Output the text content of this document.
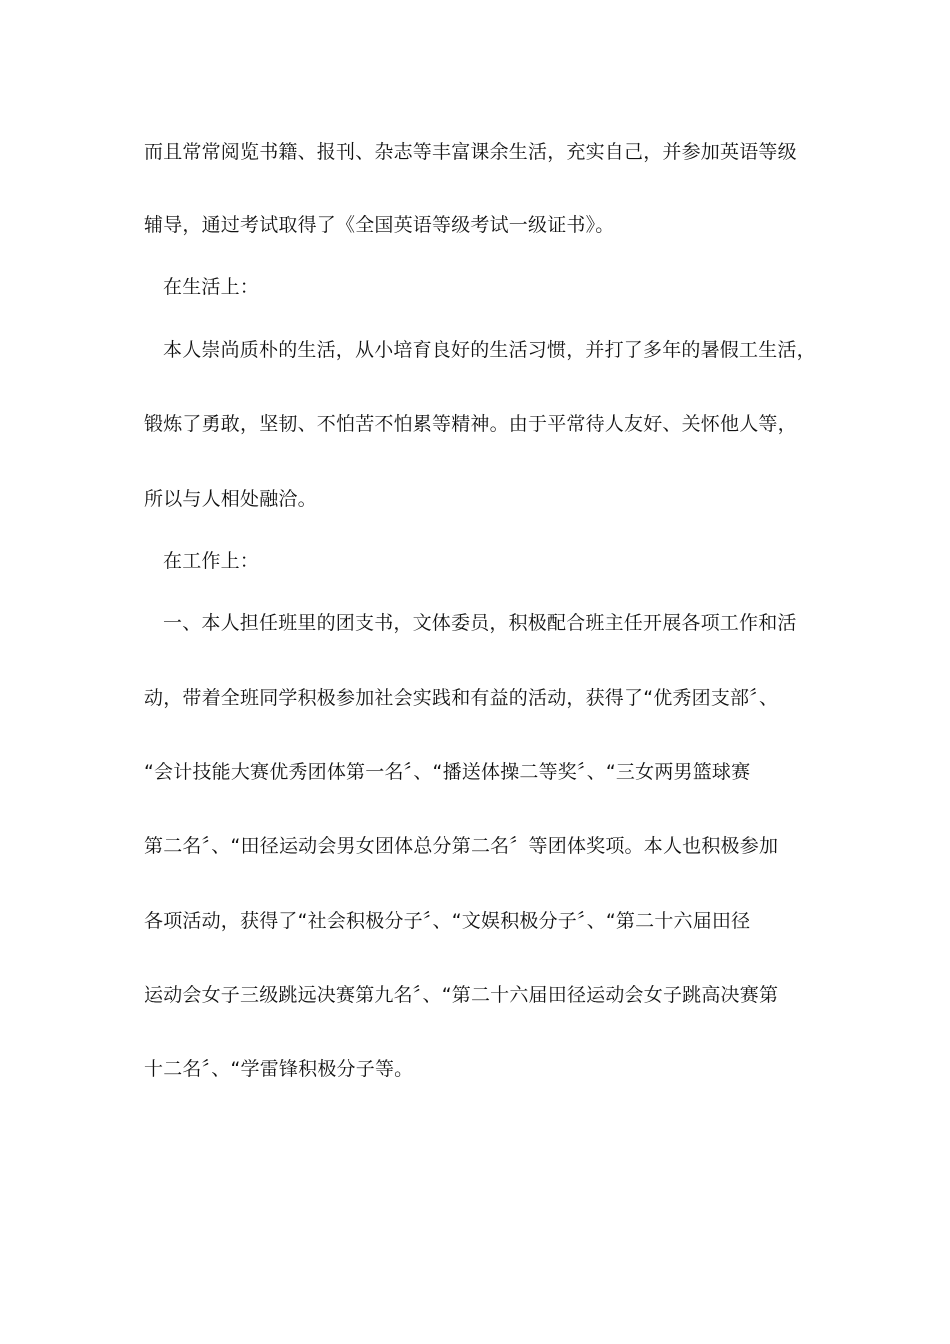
而且常常阅览书籍、报刊、杂志等丰富课余生活，充实自己，并参加英语等级
辅导，通过考试取得了《全国英语等级考试一级证书》。
在生活上：
本人崇尚质朴的生活，从小培育良好的生活习惯，并打了多年的暑假工生活，
锻炼了勇敢，坚韧、不怕苦不怕累等精神。由于平常待人友好、关怀他人等，
所以与人相处融洽。
在工作上：
一、本人担任班里的团支书，文体委员，积极配合班主任开展各项工作和活
动，带着全班同学积极参加社会实践和有益的活动，获得了“优秀团支部〞、
“会计技能大赛优秀团体第一名〞、“播送体操二等奖〞、“三女两男篮球赛
第二名〞、“田径运动会男女团体总分第二名〞等团体奖项。本人也积极参加
各项活动，获得了“社会积极分子〞、“文娱积极分子〞、“第二十六届田径
运动会女子三级跳远决赛第九名〞、“第二十六届田径运动会女子跳高决赛第
十二名〞、“学雷锋积极分子等。
